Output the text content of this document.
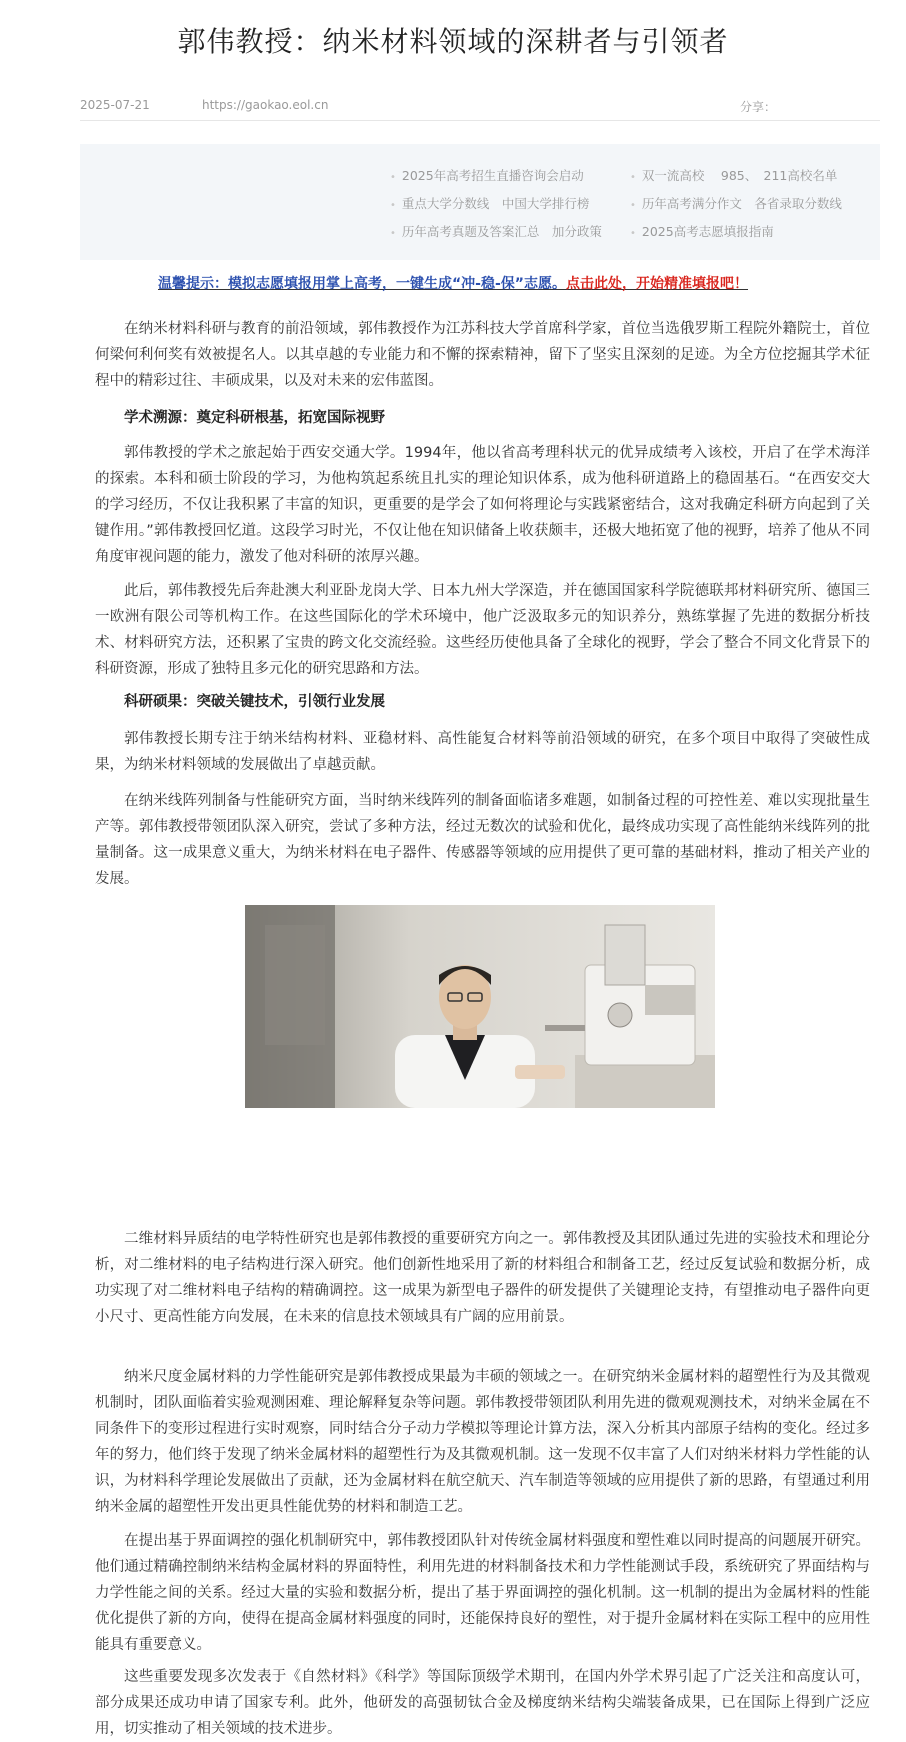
郭伟教授：纳米材料领域的深耕者与引领者
2025-07-21	https://gaokao.eol.cn	分享：
• 2025年高考招生直播咨询会启动	• 双一流高校　 985、　211高校名单
• 重点大学分数线　中国大学排行榜	• 历年高考满分作文　各省录取分数线
• 历年高考真题及答案汇总　加分政策	• 2025高考志愿填报指南
温馨提示：模拟志愿填报用掌上高考，一键生成“冲-稳-保”志愿。点击此处，开始精准填报吧！

在纳米材料科研与教育的前沿领域，郭伟教授作为江苏科技大学首席科学家，首位当选俄罗斯工程院外籍院士，首位何梁何利何奖有效被提名人。以其卓越的专业能力和不懈的探索精神，留下了坚实且深刻的足迹。为全方位挖掘其学术征程中的精彩过往、丰硕成果，以及对未来的宏伟蓝图。

学术溯源：奠定科研根基，拓宽国际视野

郭伟教授的学术之旅起始于西安交通大学。1994年，他以省高考理科状元的优异成绩考入该校，开启了在学术海洋的探索。本科和硕士阶段的学习，为他构筑起系统且扎实的理论知识体系，成为他科研道路上的稳固基石。“在西安交大的学习经历，不仅让我积累了丰富的知识，更重要的是学会了如何将理论与实践紧密结合，这对我确定科研方向起到了关键作用。”郭伟教授回忆道。这段学习时光，不仅让他在知识储备上收获颇丰，还极大地拓宽了他的视野，培养了他从不同角度审视问题的能力，激发了他对科研的浓厚兴趣。

此后，郭伟教授先后奔赴澳大利亚卧龙岗大学、日本九州大学深造，并在德国国家科学院德联邦材料研究所、德国三一欧洲有限公司等机构工作。在这些国际化的学术环境中，他广泛汲取多元的知识养分，熟练掌握了先进的数据分析技术、材料研究方法，还积累了宝贵的跨文化交流经验。这些经历使他具备了全球化的视野，学会了整合不同文化背景下的科研资源，形成了独特且多元化的研究思路和方法。

科研硕果：突破关键技术，引领行业发展

郭伟教授长期专注于纳米结构材料、亚稳材料、高性能复合材料等前沿领域的研究，在多个项目中取得了突破性成果，为纳米材料领域的发展做出了卓越贡献。

在纳米线阵列制备与性能研究方面，当时纳米线阵列的制备面临诸多难题，如制备过程的可控性差、难以实现批量生产等。郭伟教授带领团队深入研究，尝试了多种方法，经过无数次的试验和优化，最终成功实现了高性能纳米线阵列的批量制备。这一成果意义重大，为纳米材料在电子器件、传感器等领域的应用提供了更可靠的基础材料，推动了相关产业的发展。

二维材料异质结的电学特性研究也是郭伟教授的重要研究方向之一。郭伟教授及其团队通过先进的实验技术和理论分析，对二维材料的电子结构进行深入研究。他们创新性地采用了新的材料组合和制备工艺，经过反复试验和数据分析，成功实现了对二维材料电子结构的精确调控。这一成果为新型电子器件的研发提供了关键理论支持，有望推动电子器件向更小尺寸、更高性能方向发展，在未来的信息技术领域具有广阔的应用前景。

纳米尺度金属材料的力学性能研究是郭伟教授成果最为丰硕的领域之一。在研究纳米金属材料的超塑性行为及其微观机制时，团队面临着实验观测困难、理论解释复杂等问题。郭伟教授带领团队利用先进的微观观测技术，对纳米金属在不同条件下的变形过程进行实时观察，同时结合分子动力学模拟等理论计算方法，深入分析其内部原子结构的变化。经过多年的努力，他们终于发现了纳米金属材料的超塑性行为及其微观机制。这一发现不仅丰富了人们对纳米材料力学性能的认识，为材料科学理论发展做出了贡献，还为金属材料在航空航天、汽车制造等领域的应用提供了新的思路，有望通过利用纳米金属的超塑性开发出更具性能优势的材料和制造工艺。

在提出基于界面调控的强化机制研究中，郭伟教授团队针对传统金属材料强度和塑性难以同时提高的问题展开研究。他们通过精确控制纳米结构金属材料的界面特性，利用先进的材料制备技术和力学性能测试手段，系统研究了界面结构与力学性能之间的关系。经过大量的实验和数据分析，提出了基于界面调控的强化机制。这一机制的提出为金属材料的性能优化提供了新的方向，使得在提高金属材料强度的同时，还能保持良好的塑性，对于提升金属材料在实际工程中的应用性能具有重要意义。

这些重要发现多次发表于《自然材料》《科学》等国际顶级学术期刊，在国内外学术界引起了广泛关注和高度认可，部分成果还成功申请了国家专利。此外，他研发的高强韧钛合金及梯度纳米结构尖端装备成果，已在国际上得到广泛应用，切实推动了相关领域的技术进步。
